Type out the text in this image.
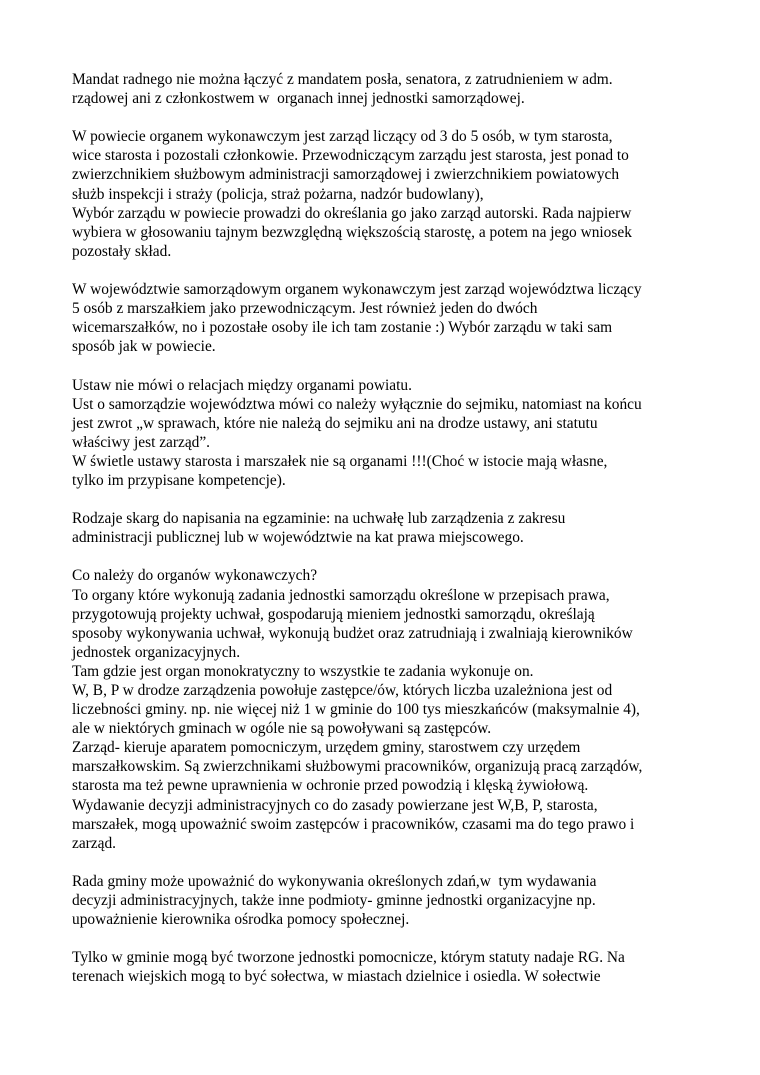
Mandat radnego nie można łączyć z mandatem posła, senatora, z zatrudnieniem w adm.
rządowej ani z członkostwem w  organach innej jednostki samorządowej.
W powiecie organem wykonawczym jest zarząd liczący od 3 do 5 osób, w tym starosta,
wice starosta i pozostali członkowie. Przewodniczącym zarządu jest starosta, jest ponad to
zwierzchnikiem służbowym administracji samorządowej i zwierzchnikiem powiatowych
służb inspekcji i straży (policja, straż pożarna, nadzór budowlany),
Wybór zarządu w powiecie prowadzi do określania go jako zarząd autorski. Rada najpierw
wybiera w głosowaniu tajnym bezwzględną większością starostę, a potem na jego wniosek
pozostały skład.
W województwie samorządowym organem wykonawczym jest zarząd województwa liczący
5 osób z marszałkiem jako przewodniczącym. Jest również jeden do dwóch
wicemarszałków, no i pozostałe osoby ile ich tam zostanie :) Wybór zarządu w taki sam
sposób jak w powiecie.
Ustaw nie mówi o relacjach między organami powiatu.
Ust o samorządzie województwa mówi co należy wyłącznie do sejmiku, natomiast na końcu
jest zwrot „w sprawach, które nie należą do sejmiku ani na drodze ustawy, ani statutu
właściwy jest zarząd”.
W świetle ustawy starosta i marszałek nie są organami !!!(Choć w istocie mają własne,
tylko im przypisane kompetencje).
Rodzaje skarg do napisania na egzaminie: na uchwałę lub zarządzenia z zakresu
administracji publicznej lub w województwie na kat prawa miejscowego.
Co należy do organów wykonawczych?
To organy które wykonują zadania jednostki samorządu określone w przepisach prawa,
przygotowują projekty uchwał, gospodarują mieniem jednostki samorządu, określają
sposoby wykonywania uchwał, wykonują budżet oraz zatrudniają i zwalniają kierowników
jednostek organizacyjnych.
Tam gdzie jest organ monokratyczny to wszystkie te zadania wykonuje on.
W, B, P w drodze zarządzenia powołuje zastępce/ów, których liczba uzależniona jest od
liczebności gminy. np. nie więcej niż 1 w gminie do 100 tys mieszkańców (maksymalnie 4),
ale w niektórych gminach w ogóle nie są powoływani są zastępców.
Zarząd- kieruje aparatem pomocniczym, urzędem gminy, starostwem czy urzędem
marszałkowskim. Są zwierzchnikami służbowymi pracowników, organizują pracą zarządów,
starosta ma też pewne uprawnienia w ochronie przed powodzią i klęską żywiołową.
Wydawanie decyzji administracyjnych co do zasady powierzane jest W,B, P, starosta,
marszałek, mogą upoważnić swoim zastępców i pracowników, czasami ma do tego prawo i
zarząd.
Rada gminy może upoważnić do wykonywania określonych zdań,w  tym wydawania
decyzji administracyjnych, także inne podmioty- gminne jednostki organizacyjne np.
upoważnienie kierownika ośrodka pomocy społecznej.
Tylko w gminie mogą być tworzone jednostki pomocnicze, którym statuty nadaje RG. Na
terenach wiejskich mogą to być sołectwa, w miastach dzielnice i osiedla. W sołectwie
